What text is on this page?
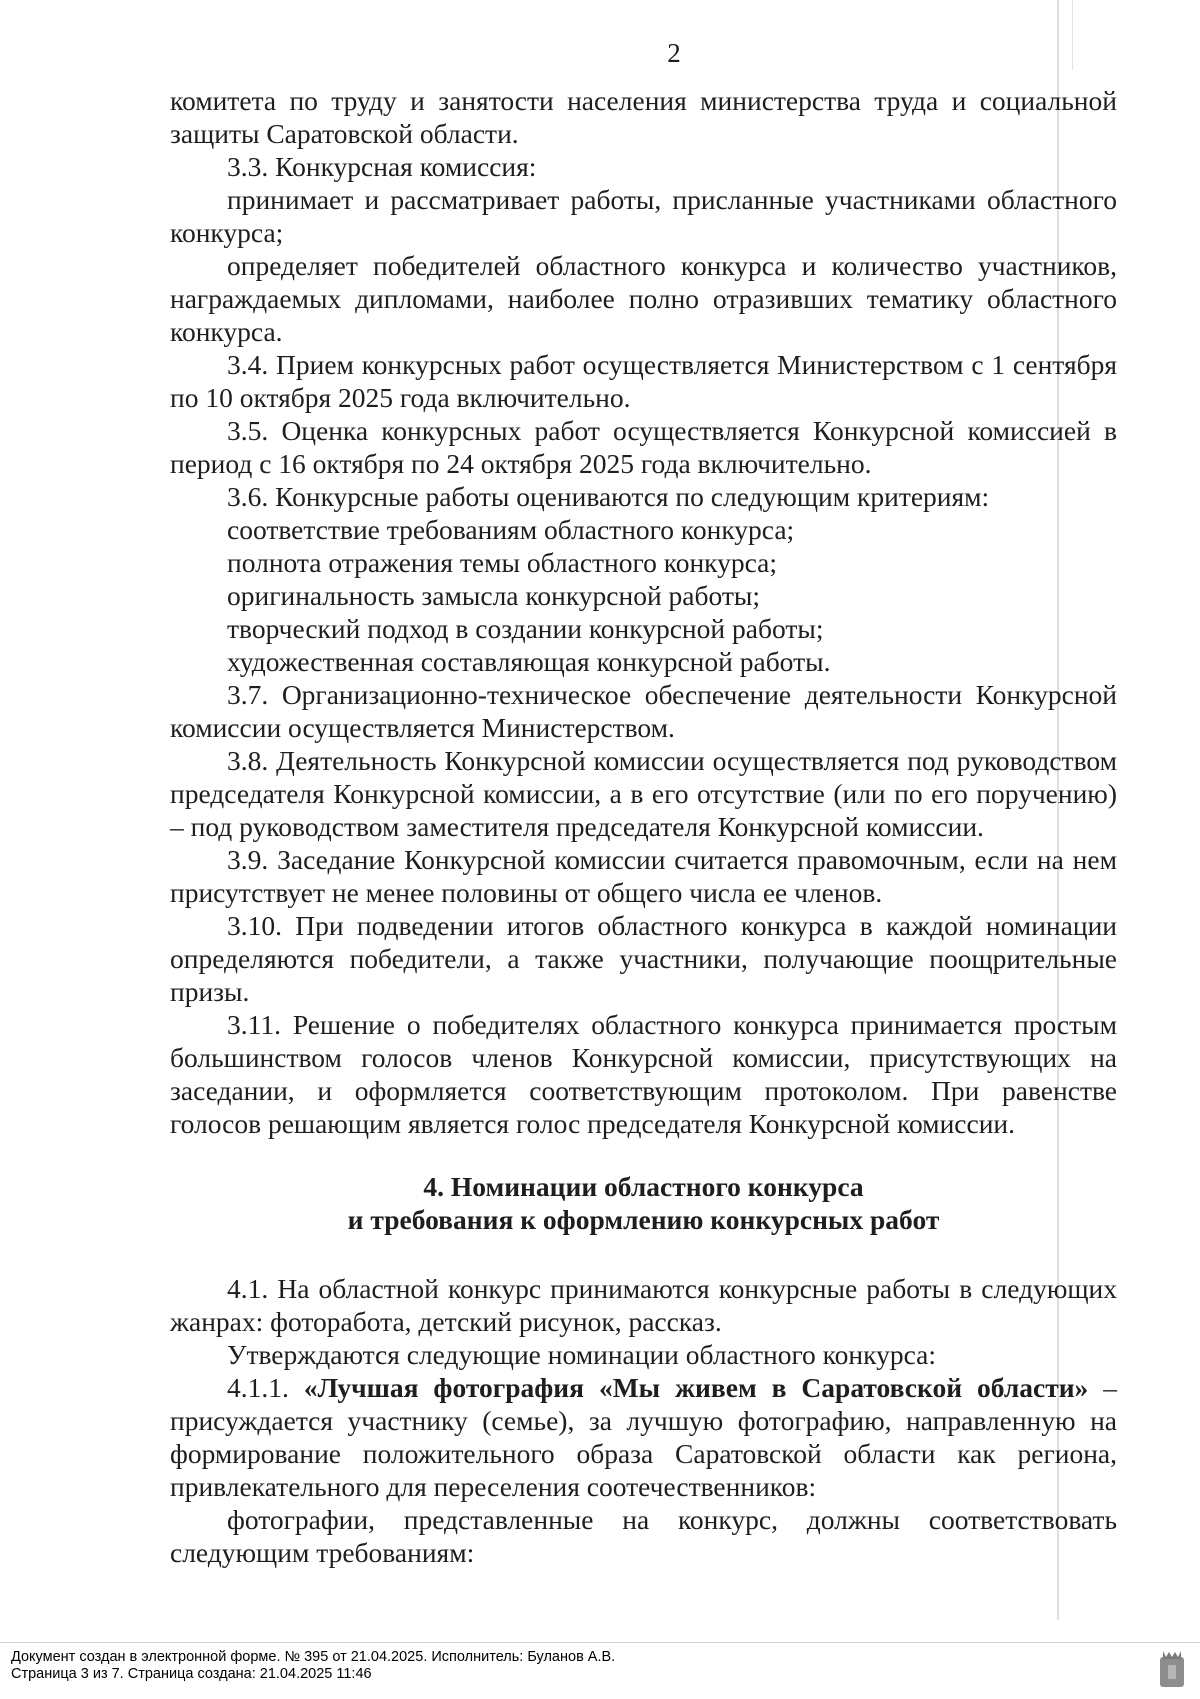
2

комитета по труду и занятости населения министерства труда и социальной защиты Саратовской области.

3.3. Конкурсная комиссия:

принимает и рассматривает работы, присланные участниками областного конкурса;

определяет победителей областного конкурса и количество участников, награждаемых дипломами, наиболее полно отразивших тематику областного конкурса.

3.4. Прием конкурсных работ осуществляется Министерством с 1 сентября по 10 октября 2025 года включительно.

3.5. Оценка конкурсных работ осуществляется Конкурсной комиссией в период с 16 октября по 24 октября 2025 года включительно.

3.6. Конкурсные работы оцениваются по следующим критериям:

соответствие требованиям областного конкурса;

полнота отражения темы областного конкурса;

оригинальность замысла конкурсной работы;

творческий подход в создании конкурсной работы;

художественная составляющая конкурсной работы.

3.7. Организационно-техническое обеспечение деятельности Конкурсной комиссии осуществляется Министерством.

3.8. Деятельность Конкурсной комиссии осуществляется под руководством председателя Конкурсной комиссии, а в его отсутствие (или по его поручению) – под руководством заместителя председателя Конкурсной комиссии.

3.9. Заседание Конкурсной комиссии считается правомочным, если на нем присутствует не менее половины от общего числа ее членов.

3.10. При подведении итогов областного конкурса в каждой номинации определяются победители, а также участники, получающие поощрительные призы.

3.11. Решение о победителях областного конкурса принимается простым большинством голосов членов Конкурсной комиссии, присутствующих на заседании, и оформляется соответствующим протоколом. При равенстве голосов решающим является голос председателя Конкурсной комиссии.

4. Номинации областного конкурса
и требования к оформлению конкурсных работ

4.1. На областной конкурс принимаются конкурсные работы в следующих жанрах: фоторабота, детский рисунок, рассказ.

Утверждаются следующие номинации областного конкурса:

4.1.1. «Лучшая фотография «Мы живем в Саратовской области» – присуждается участнику (семье), за лучшую фотографию, направленную на формирование положительного образа Саратовской области как региона, привлекательного для переселения соотечественников:

фотографии, представленные на конкурс, должны соответствовать следующим требованиям:

Документ создан в электронной форме. № 395 от 21.04.2025. Исполнитель: Буланов А.В.
Страница 3 из 7. Страница создана: 21.04.2025 11:46
